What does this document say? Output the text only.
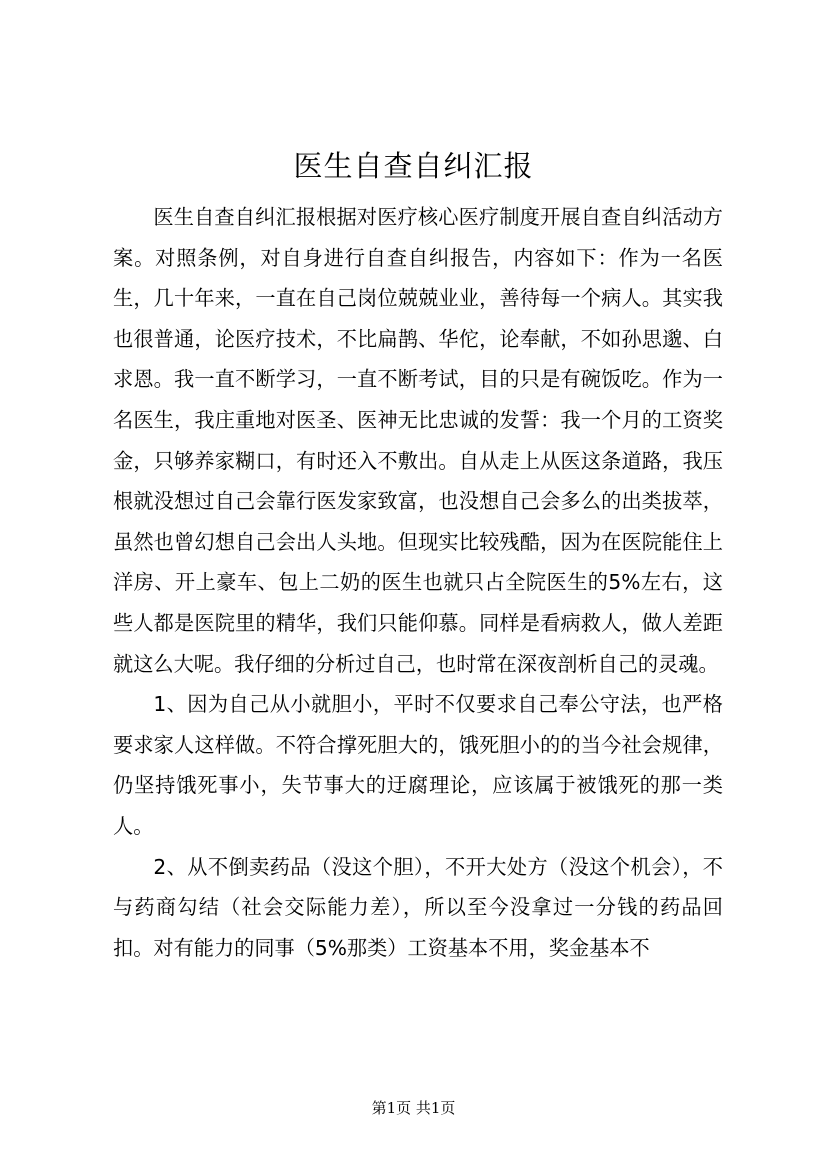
医生自查自纠汇报

医生自查自纠汇报根据对医疗核心医疗制度开展自查自纠活动方案。对照条例，对自身进行自查自纠报告，内容如下：作为一名医生，几十年来，一直在自己岗位兢兢业业，善待每一个病人。其实我也很普通，论医疗技术，不比扁鹊、华佗，论奉献，不如孙思邈、白求恩。我一直不断学习，一直不断考试，目的只是有碗饭吃。作为一名医生，我庄重地对医圣、医神无比忠诚的发誓：我一个月的工资奖金，只够养家糊口，有时还入不敷出。自从走上从医这条道路，我压根就没想过自己会靠行医发家致富，也没想自己会多么的出类拔萃，虽然也曾幻想自己会出人头地。但现实比较残酷，因为在医院能住上洋房、开上豪车、包上二奶的医生也就只占全院医生的5%左右，这些人都是医院里的精华，我们只能仰慕。同样是看病救人，做人差距就这么大呢。我仔细的分析过自己，也时常在深夜剖析自己的灵魂。

1、因为自己从小就胆小，平时不仅要求自己奉公守法，也严格要求家人这样做。不符合撑死胆大的，饿死胆小的的当今社会规律，仍坚持饿死事小，失节事大的迂腐理论，应该属于被饿死的那一类人。

2、从不倒卖药品（没这个胆），不开大处方（没这个机会），不与药商勾结（社会交际能力差），所以至今没拿过一分钱的药品回扣。对有能力的同事（5%那类）工资基本不用，奖金基本不

第1页 共1页
